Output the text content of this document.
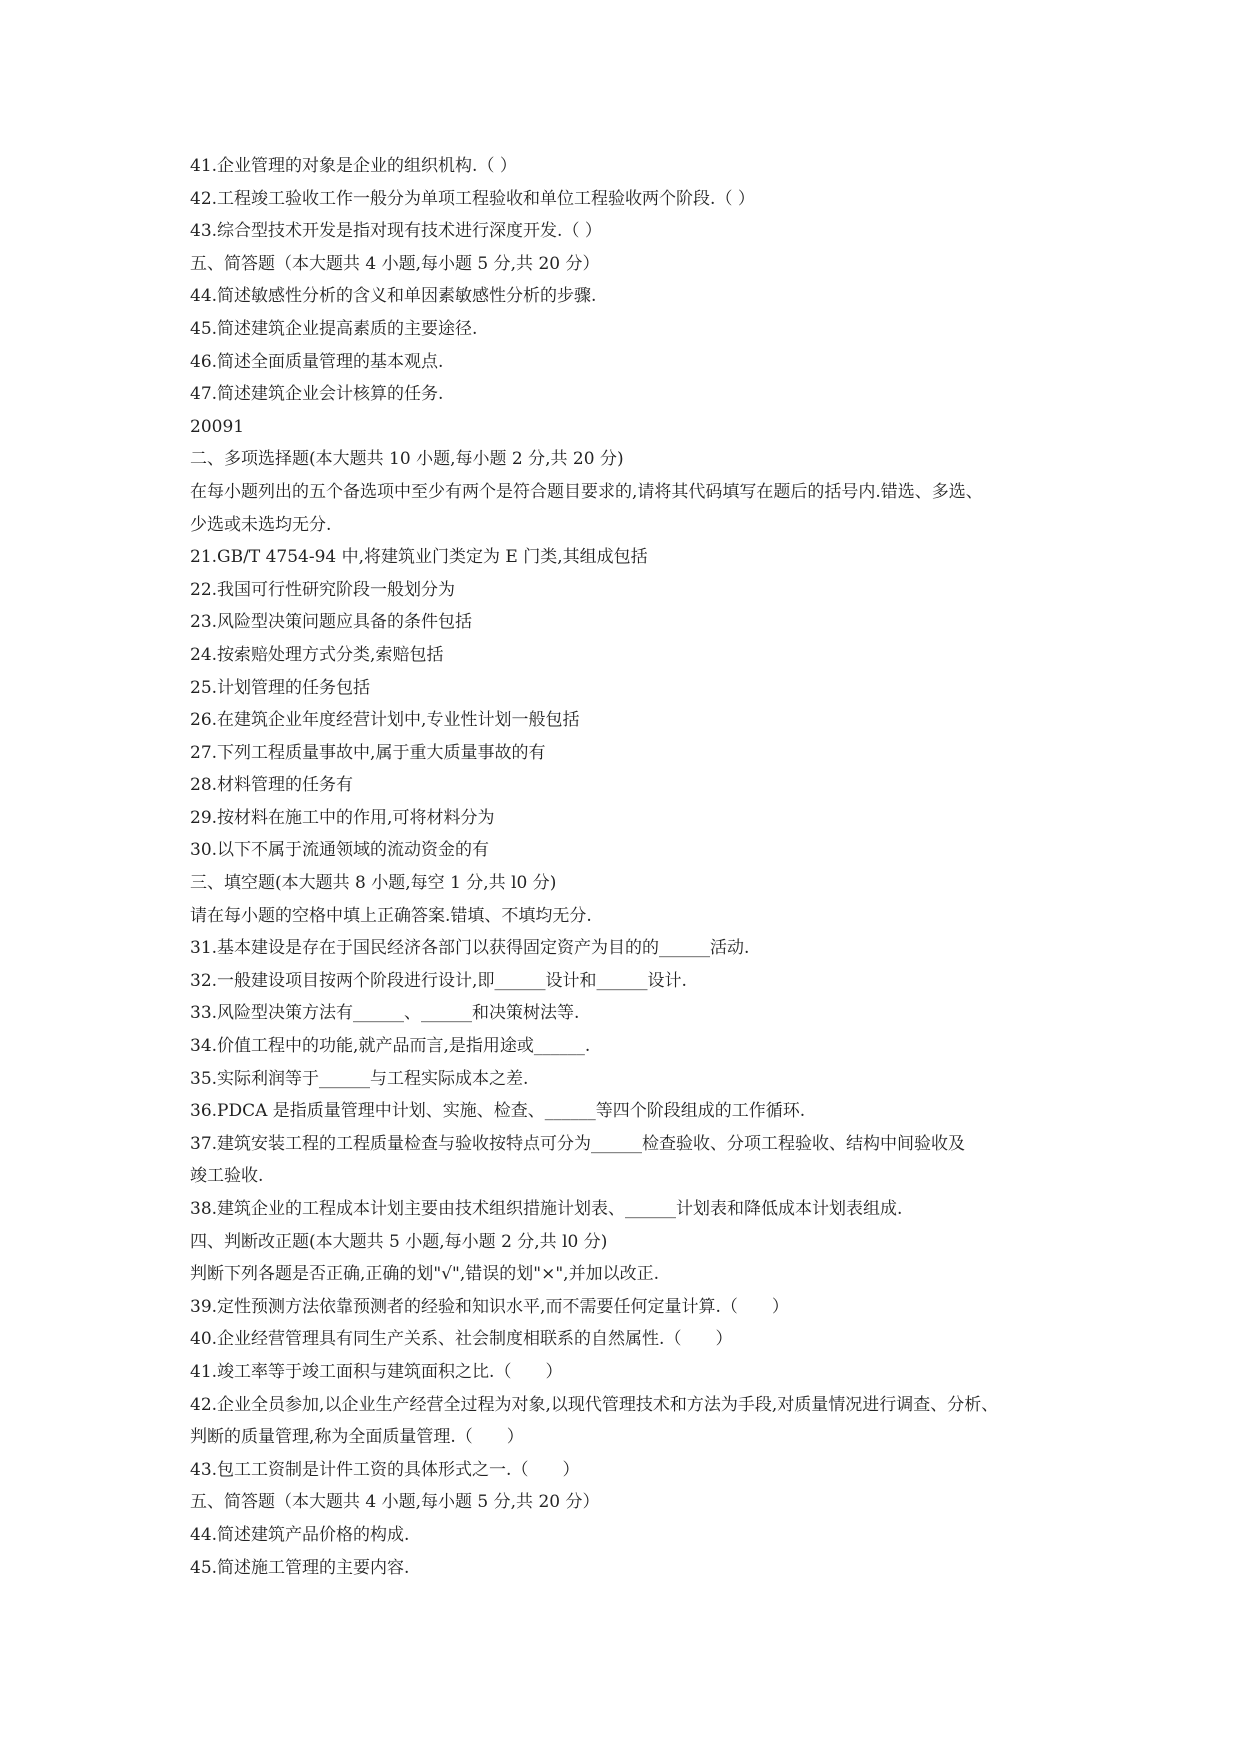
41.企业管理的对象是企业的组织机构.（ ）
42.工程竣工验收工作一般分为单项工程验收和单位工程验收两个阶段.（ ）
43.综合型技术开发是指对现有技术进行深度开发.（ ）
五、简答题（本大题共 4 小题,每小题 5 分,共 20 分）
44.简述敏感性分析的含义和单因素敏感性分析的步骤.
45.简述建筑企业提高素质的主要途径.
46.简述全面质量管理的基本观点.
47.简述建筑企业会计核算的任务.
20091
二、多项选择题(本大题共 10 小题,每小题 2 分,共 20 分)
在每小题列出的五个备选项中至少有两个是符合题目要求的,请将其代码填写在题后的括号内.错选、多选、
少选或未选均无分.
21.GB/T 4754-94 中,将建筑业门类定为 E 门类,其组成包括
22.我国可行性研究阶段一般划分为
23.风险型决策问题应具备的条件包括
24.按索赔处理方式分类,索赔包括
25.计划管理的任务包括
26.在建筑企业年度经营计划中,专业性计划一般包括
27.下列工程质量事故中,属于重大质量事故的有
28.材料管理的任务有
29.按材料在施工中的作用,可将材料分为
30.以下不属于流通领域的流动资金的有
三、填空题(本大题共 8 小题,每空 1 分,共 l0 分)
请在每小题的空格中填上正确答案.错填、不填均无分.
31.基本建设是存在于国民经济各部门以获得固定资产为目的的______活动.
32.一般建设项目按两个阶段进行设计,即______设计和______设计.
33.风险型决策方法有______、______和决策树法等.
34.价值工程中的功能,就产品而言,是指用途或______.
35.实际利润等于______与工程实际成本之差.
36.PDCA 是指质量管理中计划、实施、检查、______等四个阶段组成的工作循环.
37.建筑安装工程的工程质量检查与验收按特点可分为______检查验收、分项工程验收、结构中间验收及
竣工验收.
38.建筑企业的工程成本计划主要由技术组织措施计划表、______计划表和降低成本计划表组成.
四、判断改正题(本大题共 5 小题,每小题 2 分,共 l0 分)
判断下列各题是否正确,正确的划"√",错误的划"×",并加以改正.
39.定性预测方法依靠预测者的经验和知识水平,而不需要任何定量计算.（　　）
40.企业经营管理具有同生产关系、社会制度相联系的自然属性.（　　）
41.竣工率等于竣工面积与建筑面积之比.（　　）
42.企业全员参加,以企业生产经营全过程为对象,以现代管理技术和方法为手段,对质量情况进行调查、分析、
判断的质量管理,称为全面质量管理.（　　）
43.包工工资制是计件工资的具体形式之一.（　　）
五、简答题（本大题共 4 小题,每小题 5 分,共 20 分）
44.简述建筑产品价格的构成.
45.简述施工管理的主要内容.
